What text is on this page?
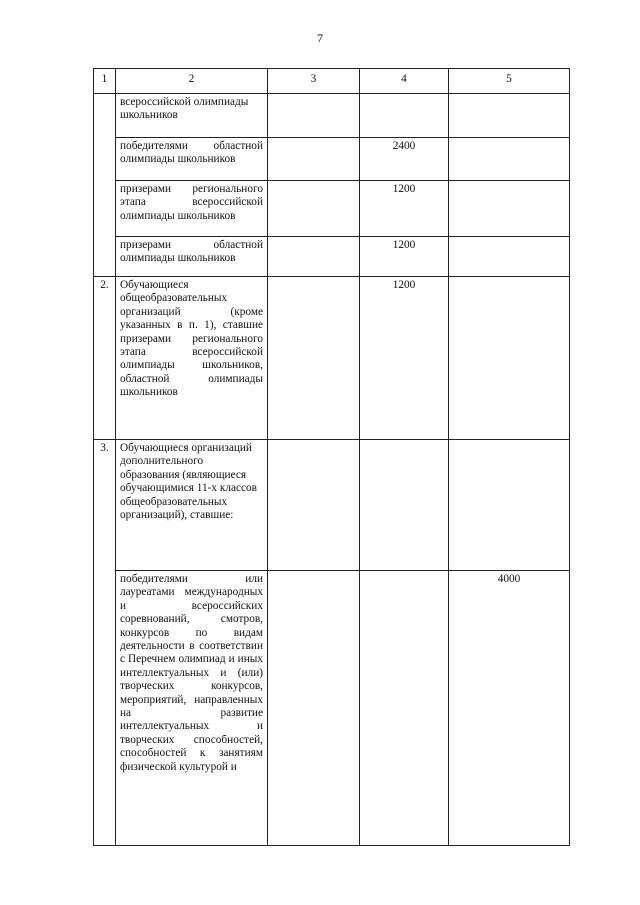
7
1	2	3	4	5
	всероссийской олимпиады школьников			
	победителями областной олимпиады школьников		2400	
	призерами регионального этапа всероссийской олимпиады школьников		1200	
	призерами областной олимпиады школьников		1200	
2.	Обучающиеся общеобразовательных организаций (кроме указанных в п. 1), ставшие призерами регионального этапа всероссийской олимпиады школьников, областной олимпиады школьников		1200	
3.	Обучающиеся организаций дополнительного образования (являющиеся обучающимися 11-х классов общеобразовательных организаций), ставшие:			

	победителями или лауреатами международных и всероссийских соревнований, смотров, конкурсов по видам деятельности в соответствии с Перечнем олимпиад и иных интеллектуальных и (или) творческих конкурсов, мероприятий, направленных на развитие интеллектуальных и творческих способностей, способностей к занятиям физической культурой и			4000
